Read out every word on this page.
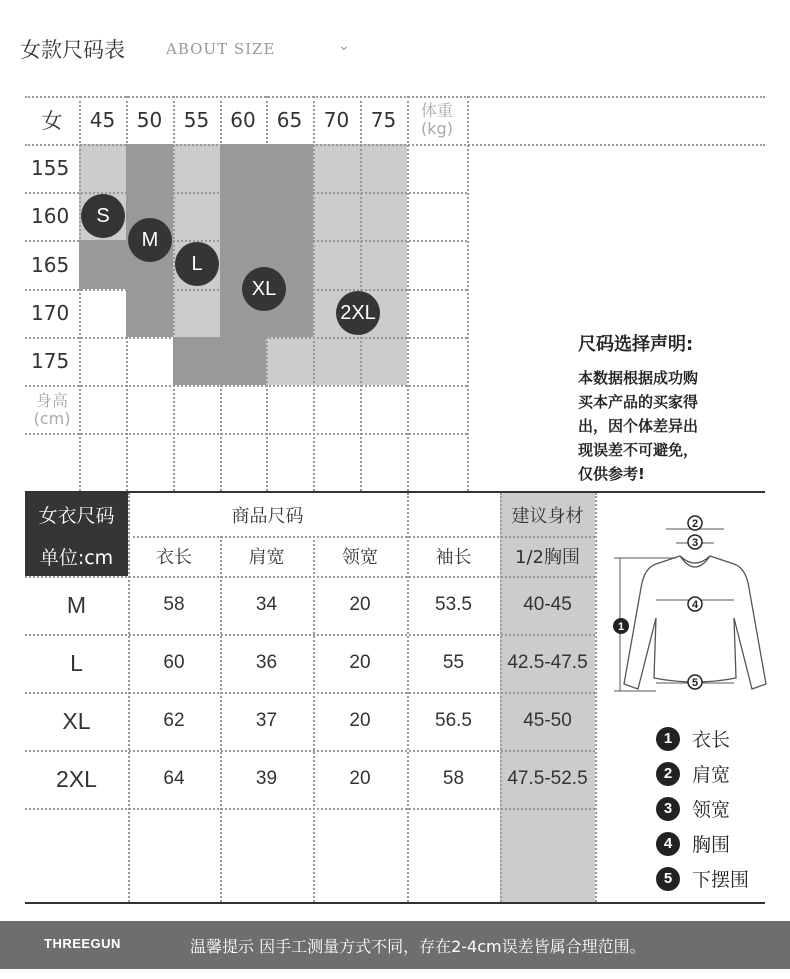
女款尺码表	ABOUT SIZE	⌄
尺码选择声明:
本数据根据成功购
买本产品的买家得
出，因个体差异出
现误差不可避免，
仅供参考!
2
3
4
5
1
1	衣长
2	肩宽
3	领宽
4	胸围
5	下摆围
THREEGUN	温馨提示 因手工测量方式不同，存在2-4cm误差皆属合理范围。
女	45	50	55	60	65	70	75	体重
(kg)
155
160
165
170
175
身高
(cm)
S
M
L
XL
2XL
女衣尺码
单位:cm
商品尺码	建议身材
衣长	肩宽	领宽	袖长	1/2胸围
M	58	34	20	53.5	40-45
L	60	36	20	55	42.5-47.5
XL	62	37	20	56.5	45-50
2XL	64	39	20	58	47.5-52.5
